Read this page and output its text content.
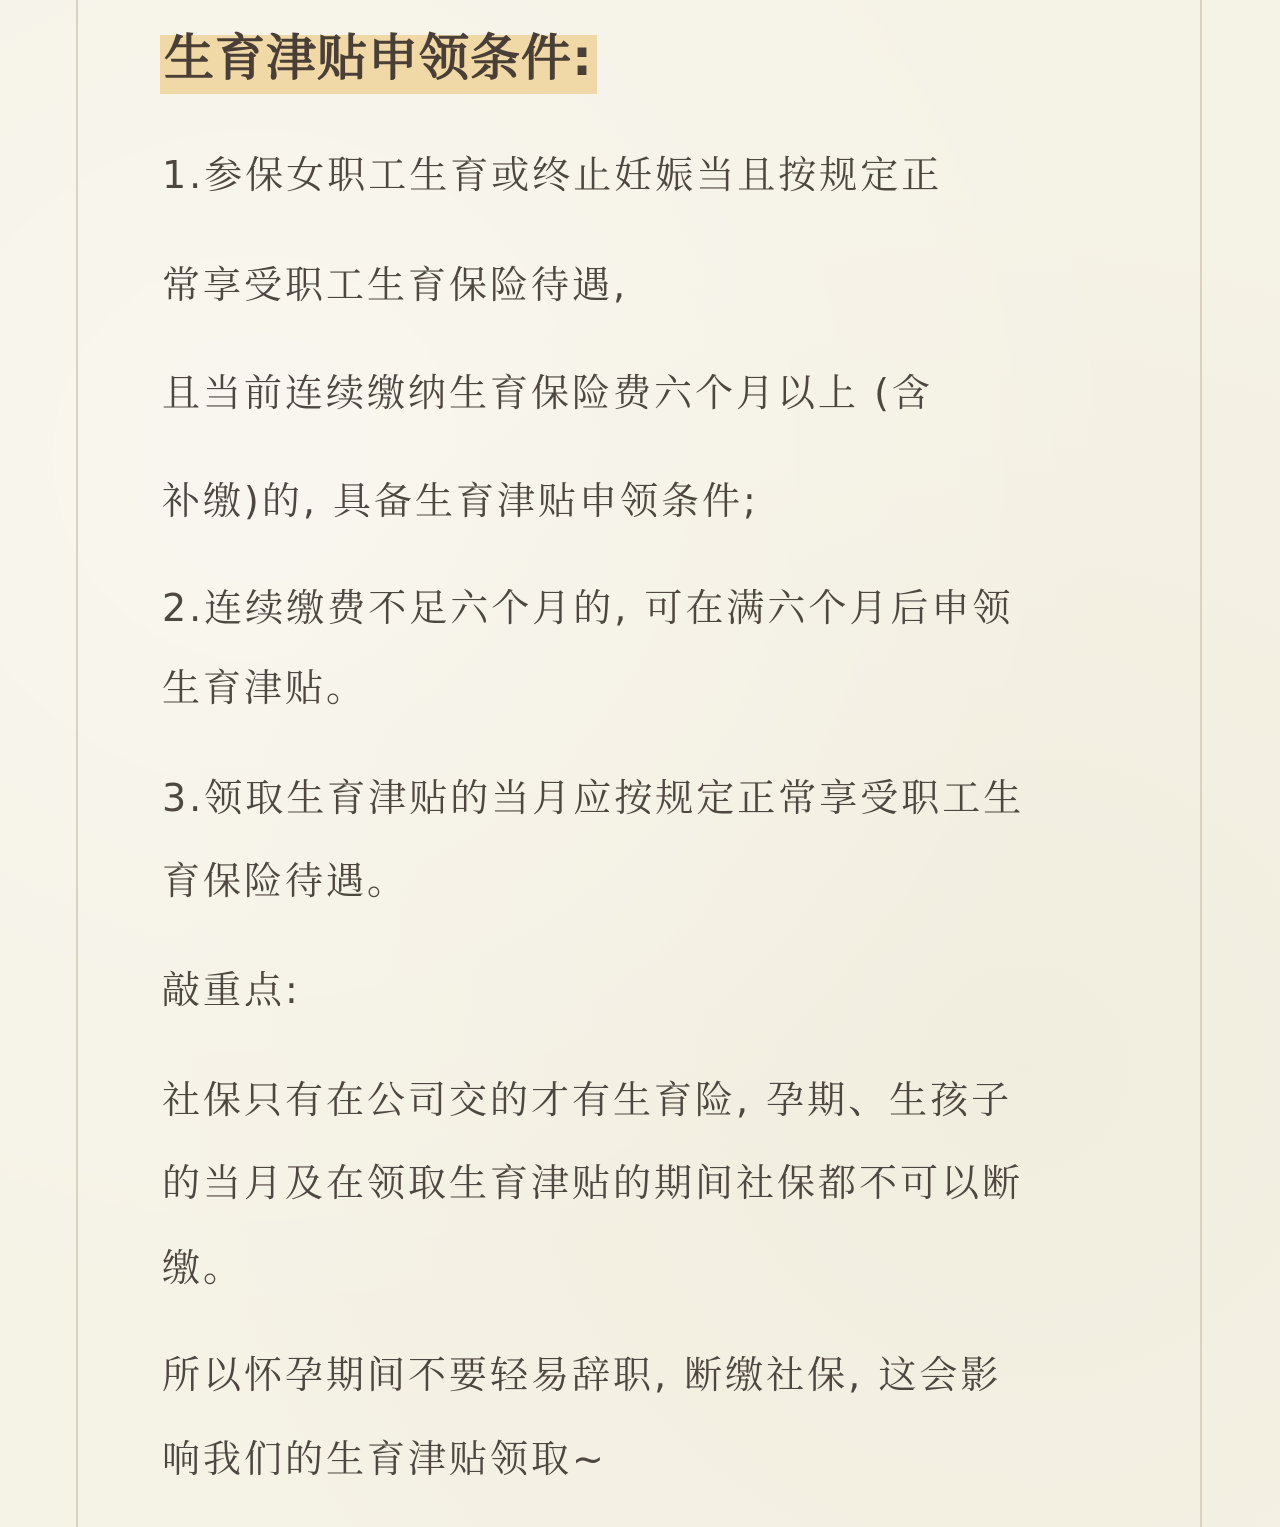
生育津贴申领条件:
1.参保女职工生育或终止妊娠当且按规定正
常享受职工生育保险待遇,
且当前连续缴纳生育保险费六个月以上 (含
补缴)的, 具备生育津贴申领条件;
2.连续缴费不足六个月的, 可在满六个月后申领
生育津贴。
3.领取生育津贴的当月应按规定正常享受职工生
育保险待遇。
敲重点:
社保只有在公司交的才有生育险, 孕期、生孩子
的当月及在领取生育津贴的期间社保都不可以断
缴。
所以怀孕期间不要轻易辞职, 断缴社保, 这会影
响我们的生育津贴领取~
